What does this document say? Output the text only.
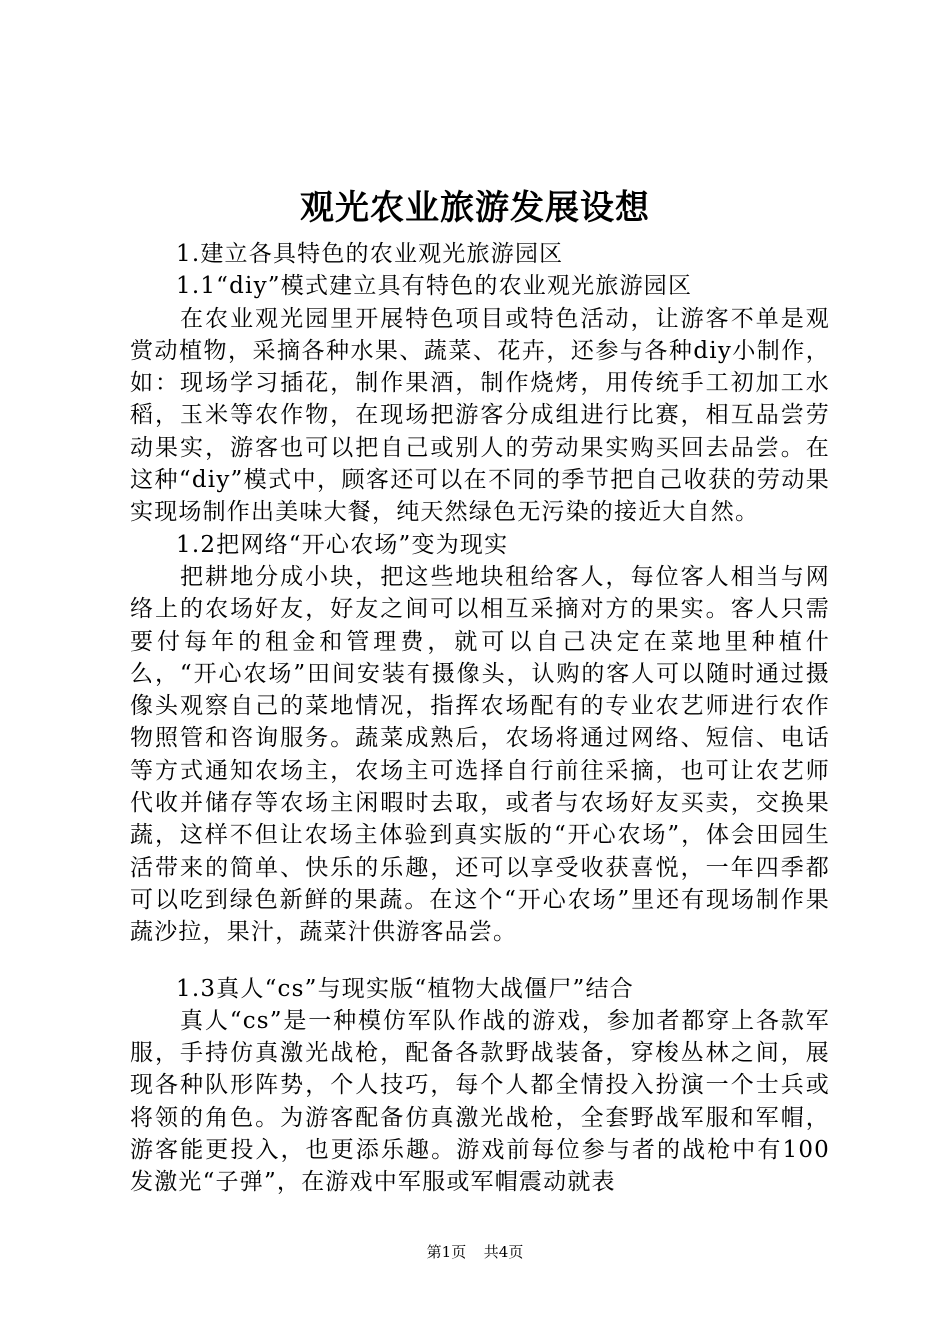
观光农业旅游发展设想

1.建立各具特色的农业观光旅游园区

1.1“diy”模式建立具有特色的农业观光旅游园区

在农业观光园里开展特色项目或特色活动，让游客不单是观赏动植物，采摘各种水果、蔬菜、花卉，还参与各种diy小制作，如：现场学习插花，制作果酒，制作烧烤，用传统手工初加工水稻，玉米等农作物，在现场把游客分成组进行比赛，相互品尝劳动果实，游客也可以把自己或别人的劳动果实购买回去品尝。在这种“diy”模式中，顾客还可以在不同的季节把自己收获的劳动果实现场制作出美味大餐，纯天然绿色无污染的接近大自然。

1.2把网络“开心农场”变为现实

把耕地分成小块，把这些地块租给客人，每位客人相当与网络上的农场好友，好友之间可以相互采摘对方的果实。客人只需要付每年的租金和管理费，就可以自己决定在菜地里种植什么，“开心农场”田间安装有摄像头，认购的客人可以随时通过摄像头观察自己的菜地情况，指挥农场配有的专业农艺师进行农作物照管和咨询服务。蔬菜成熟后，农场将通过网络、短信、电话等方式通知农场主，农场主可选择自行前往采摘，也可让农艺师代收并储存等农场主闲暇时去取，或者与农场好友买卖，交换果蔬，这样不但让农场主体验到真实版的“开心农场”，体会田园生活带来的简单、快乐的乐趣，还可以享受收获喜悦，一年四季都可以吃到绿色新鲜的果蔬。在这个“开心农场”里还有现场制作果蔬沙拉，果汁，蔬菜汁供游客品尝。

1.3真人“cs”与现实版“植物大战僵尸”结合

真人“cs”是一种模仿军队作战的游戏，参加者都穿上各款军服，手持仿真激光战枪，配备各款野战装备，穿梭丛林之间，展现各种队形阵势，个人技巧，每个人都全情投入扮演一个士兵或将领的角色。为游客配备仿真激光战枪，全套野战军服和军帽，游客能更投入，也更添乐趣。游戏前每位参与者的战枪中有100发激光“子弹”，在游戏中军服或军帽震动就表

第1页 共4页
